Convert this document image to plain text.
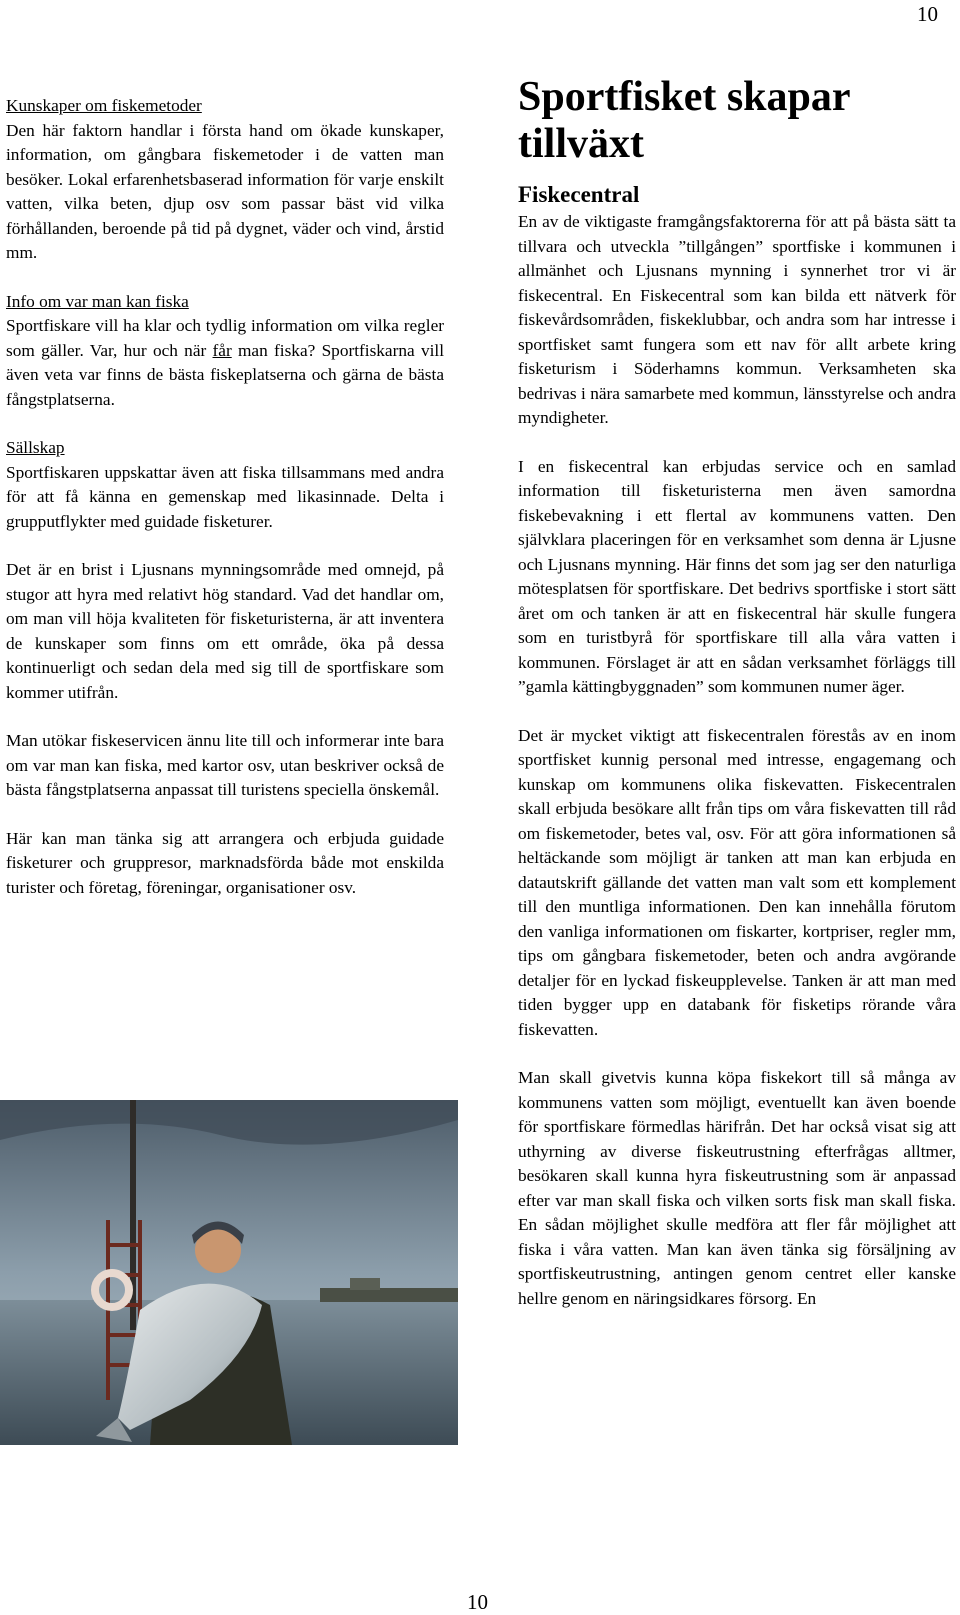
10
Kunskaper om fiskemetoder

Den här faktorn handlar i första hand om ökade kunskaper, information, om gångbara fiskemetoder i de vatten man besöker. Lokal erfarenhetsbaserad information för varje enskilt vatten, vilka beten, djup osv som passar bäst vid vilka förhållanden, beroende på tid på dygnet, väder och vind, årstid mm.

Info om var man kan fiska

Sportfiskare vill ha klar och tydlig information om vilka regler som gäller. Var, hur och när får man fiska? Sportfiskarna vill även veta var finns de bästa fiskeplatserna och gärna de bästa fångstplatserna.

Sällskap

Sportfiskaren uppskattar även att fiska tillsammans med andra för att få känna en gemenskap med likasinnade. Delta i grupputflykter med guidade fisketurer.

Det är en brist i Ljusnans mynningsområde med omnejd, på stugor att hyra med relativt hög standard. Vad det handlar om, om man vill höja kvaliteten för fisketuristerna, är att inventera de kunskaper som finns om ett område, öka på dessa kontinuerligt och sedan dela med sig till de sportfiskare som kommer utifrån.

Man utökar fiskeservicen ännu lite till och informerar inte bara om var man kan fiska, med kartor osv, utan beskriver också de bästa fångstplatserna anpassat till turistens speciella önskemål.

Här kan man tänka sig att arrangera och erbjuda guidade fisketurer och gruppresor, marknadsförda både mot enskilda turister och företag, föreningar, organisationer osv.

Sportfisket skapar tillväxt
Fiskecentral

En av de viktigaste framgångsfaktorerna för att på bästa sätt ta tillvara och utveckla ”tillgången” sportfiske i kommunen i allmänhet och Ljusnans mynning i synnerhet tror vi är fiskecentral. En Fiskecentral som kan bilda ett nätverk för fiskevårdsområden, fiskeklubbar, och andra som har intresse i sportfisket samt fungera som ett nav för allt arbete kring fisketurism i Söderhamns kommun. Verksamheten ska bedrivas i nära samarbete med kommun, länsstyrelse och andra myndigheter.

I en fiskecentral kan erbjudas service och en samlad information till fisketuristerna men även samordna fiskebevakning i ett flertal av kommunens vatten. Den självklara placeringen för en verksamhet som denna är Ljusne och Ljusnans mynning. Här finns det som jag ser den naturliga mötesplatsen för sportfiskare. Det bedrivs sportfiske i stort sätt året om och tanken är att en fiskecentral här skulle fungera som en turistbyrå för sportfiskare till alla våra vatten i kommunen. Förslaget är att en sådan verksamhet förläggs till ”gamla kättingbyggnaden” som kommunen numer äger.

Det är mycket viktigt att fiskecentralen förestås av en inom sportfisket kunnig personal med intresse, engagemang och kunskap om kommunens olika fiskevatten. Fiskecentralen skall erbjuda besökare allt från tips om våra fiskevatten till råd om fiskemetoder, betes val, osv. För att göra informationen så heltäckande som möjligt är tanken att man kan erbjuda en datautskrift gällande det vatten man valt som ett komplement till den muntliga informationen. Den kan innehålla förutom den vanliga informationen om fiskarter, kortpriser, regler mm, tips om gångbara fiskemetoder, beten och andra avgörande detaljer för en lyckad fiskeupplevelse. Tanken är att man med tiden bygger upp en databank för fisketips rörande våra fiskevatten.

Man skall givetvis kunna köpa fiskekort till så många av kommunens vatten som möjligt, eventuellt kan även boende för sportfiskare förmedlas härifrån. Det har också visat sig att uthyrning av diverse fiskeutrustning efterfrågas alltmer, besökaren skall kunna hyra fiskeutrustning som är anpassad efter var man skall fiska och vilken sorts fisk man skall fiska. En sådan möjlighet skulle medföra att fler får möjlighet att fiska i våra vatten. Man kan även tänka sig försäljning av sportfiskeutrustning, antingen genom centret eller kanske hellre genom en näringsidkares försorg. En

10
